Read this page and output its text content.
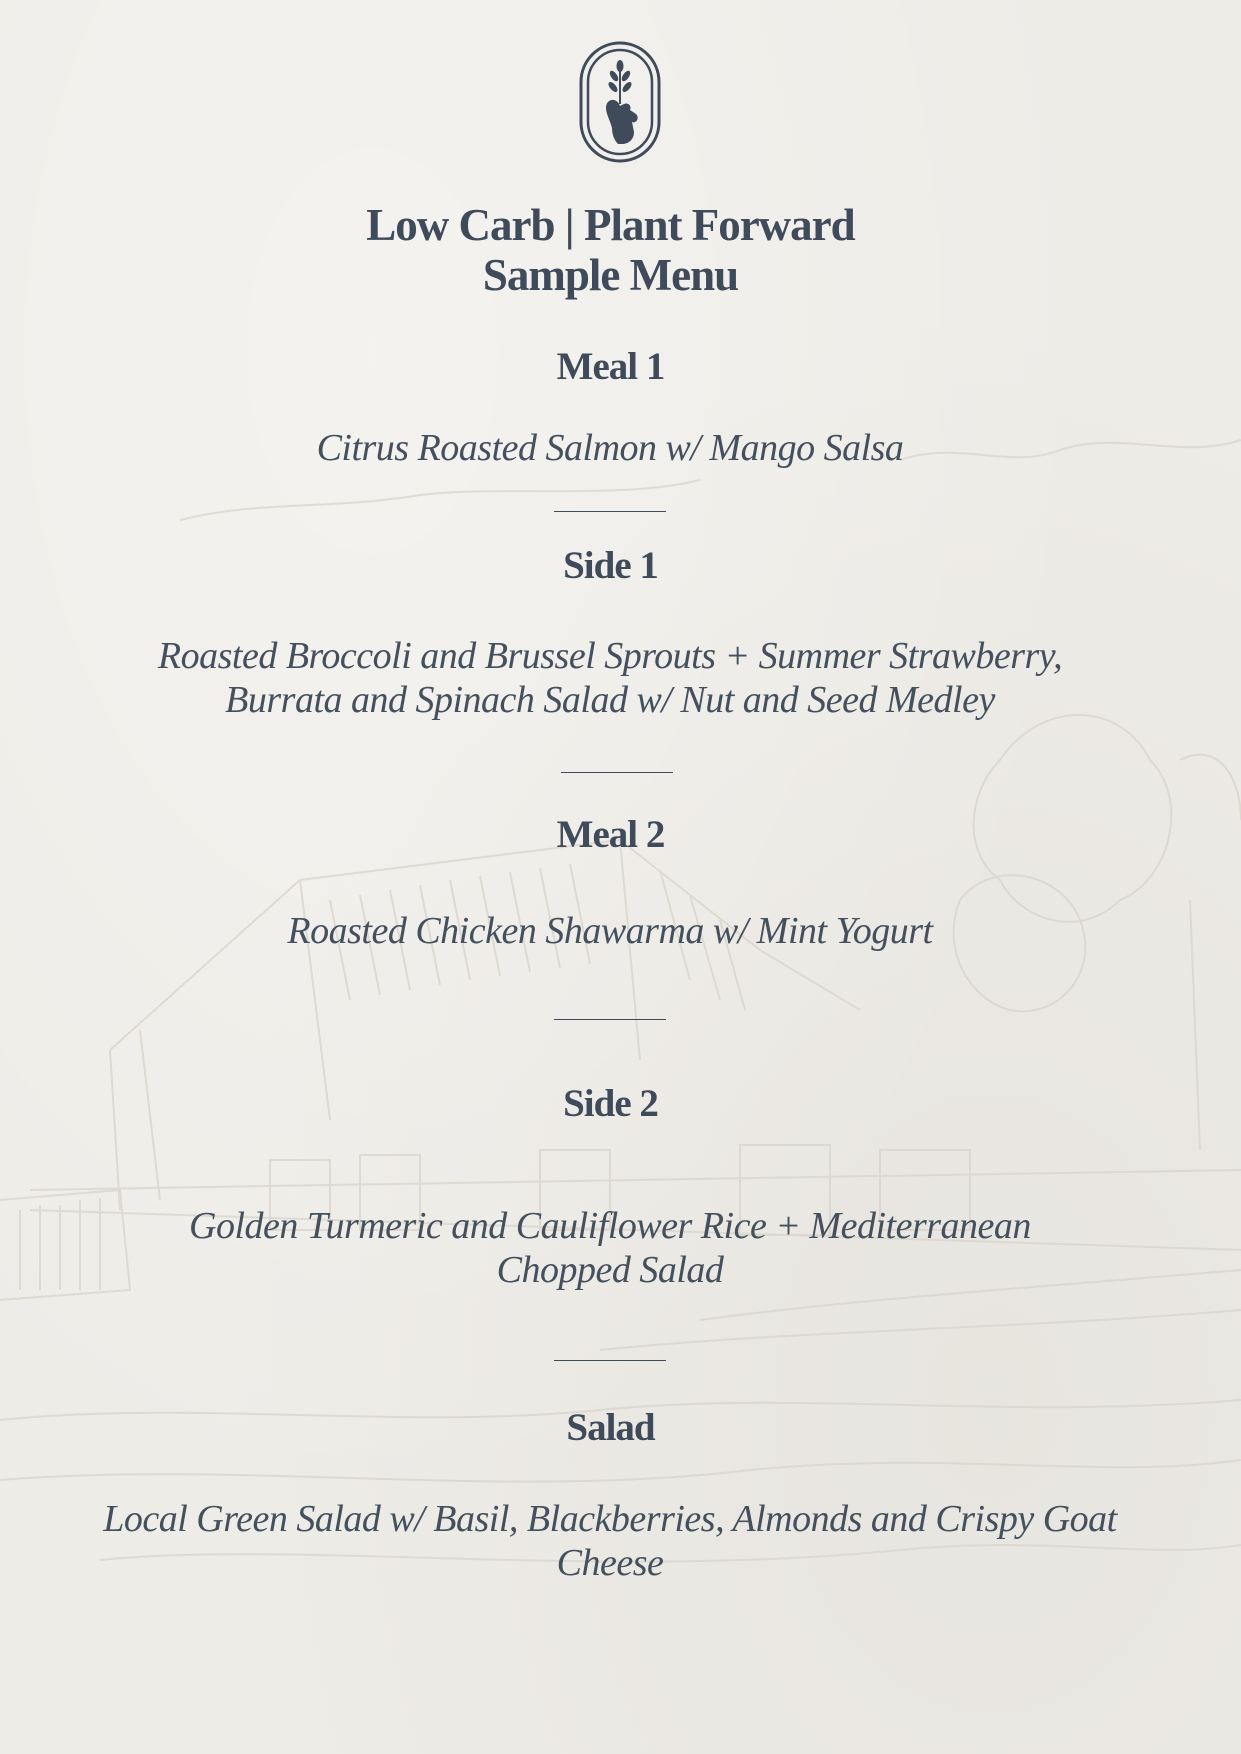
Low Carb | Plant Forward
Sample Menu
Meal 1

Citrus Roasted Salmon w/ Mango Salsa

Side 1

Roasted Broccoli and Brussel Sprouts + Summer Strawberry,

Burrata and Spinach Salad w/ Nut and Seed Medley

Meal 2

Roasted Chicken Shawarma w/ Mint Yogurt

Side 2

Golden Turmeric and Cauliflower Rice + Mediterranean

Chopped Salad

Salad

Local Green Salad w/ Basil, Blackberries, Almonds and Crispy Goat

Cheese
